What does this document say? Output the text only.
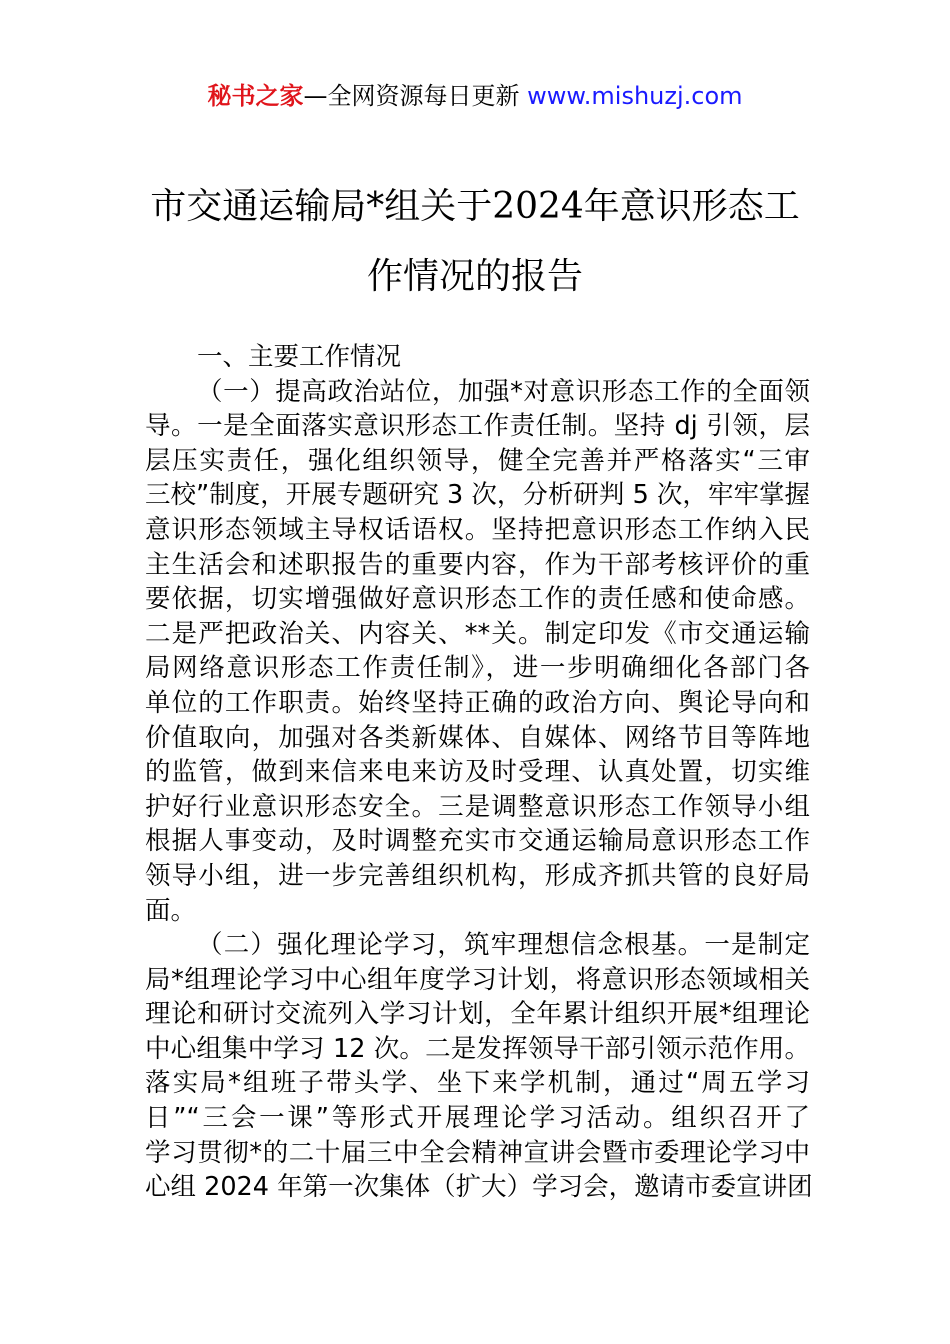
秘书之家—全网资源每日更新 www.mishuzj.com
市交通运输局*组关于2024年意识形态工
作情况的报告
一、主要工作情况
（一）提高政治站位，加强*对意识形态工作的全面领
导。一是全面落实意识形态工作责任制。坚持 dj 引领，层
层压实责任，强化组织领导，健全完善并严格落实“三审
三校”制度，开展专题研究 3 次，分析研判 5 次，牢牢掌握
意识形态领域主导权话语权。坚持把意识形态工作纳入民
主生活会和述职报告的重要内容，作为干部考核评价的重
要依据，切实增强做好意识形态工作的责任感和使命感。
二是严把政治关、内容关、**关。制定印发《市交通运输
局网络意识形态工作责任制》，进一步明确细化各部门各
单位的工作职责。始终坚持正确的政治方向、舆论导向和
价值取向，加强对各类新媒体、自媒体、网络节目等阵地
的监管，做到来信来电来访及时受理、认真处置，切实维
护好行业意识形态安全。三是调整意识形态工作领导小组
根据人事变动，及时调整充实市交通运输局意识形态工作
领导小组，进一步完善组织机构，形成齐抓共管的良好局
面。
（二）强化理论学习，筑牢理想信念根基。一是制定
局*组理论学习中心组年度学习计划，将意识形态领域相关
理论和研讨交流列入学习计划，全年累计组织开展*组理论
中心组集中学习 12 次。二是发挥领导干部引领示范作用。
落实局*组班子带头学、坐下来学机制，通过“周五学习
日”“三会一课”等形式开展理论学习活动。组织召开了
学习贯彻*的二十届三中全会精神宣讲会暨市委理论学习中
心组 2024 年第一次集体（扩大）学习会，邀请市委宣讲团
